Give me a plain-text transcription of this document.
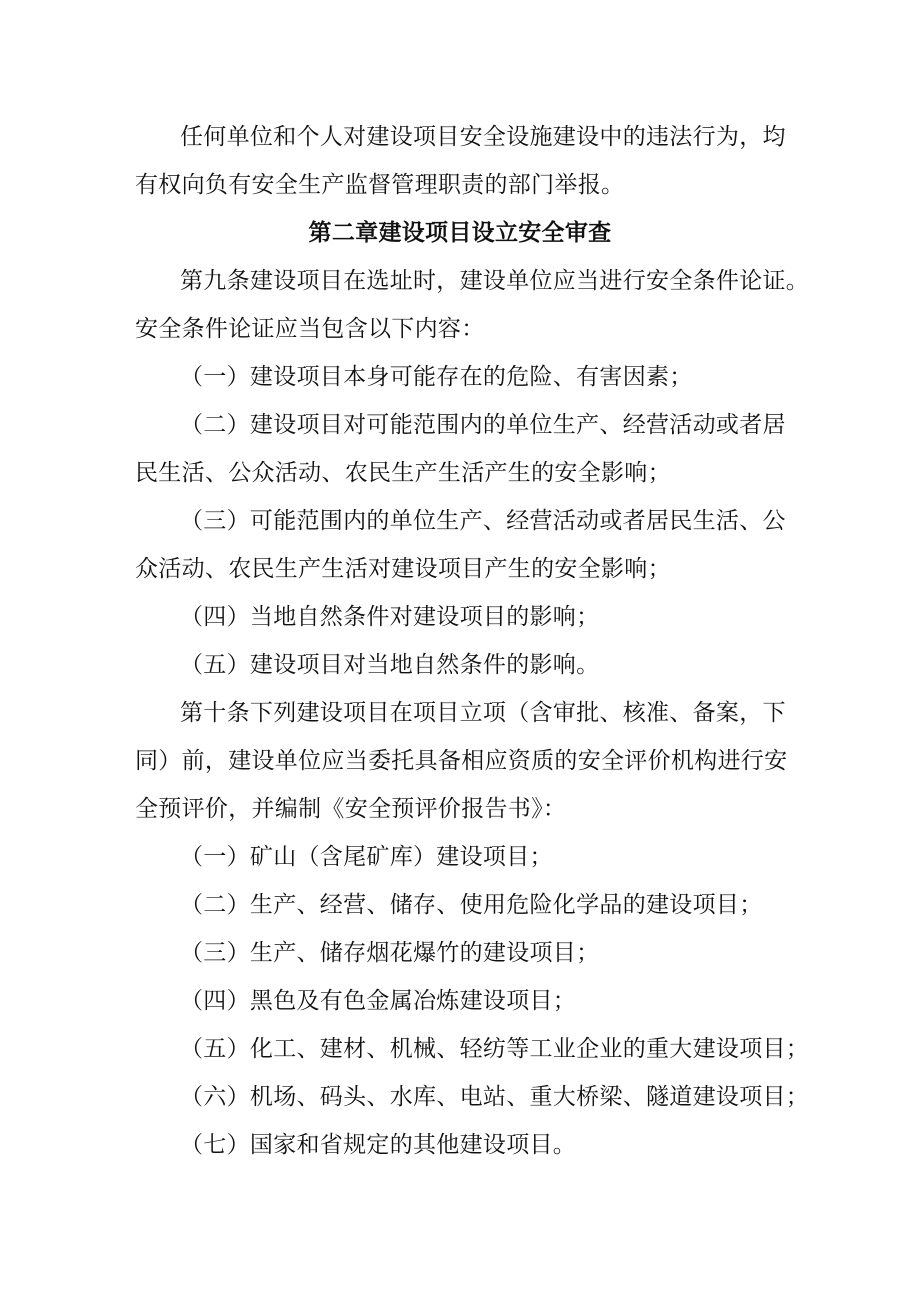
任何单位和个人对建设项目安全设施建设中的违法行为，均
有权向负有安全生产监督管理职责的部门举报。
第二章建设项目设立安全审查
第九条建设项目在选址时，建设单位应当进行安全条件论证。
安全条件论证应当包含以下内容：
（一）建设项目本身可能存在的危险、有害因素；
（二）建设项目对可能范围内的单位生产、经营活动或者居
民生活、公众活动、农民生产生活产生的安全影响；
（三）可能范围内的单位生产、经营活动或者居民生活、公
众活动、农民生产生活对建设项目产生的安全影响；
（四）当地自然条件对建设项目的影响；
（五）建设项目对当地自然条件的影响。
第十条下列建设项目在项目立项（含审批、核准、备案，下
同）前，建设单位应当委托具备相应资质的安全评价机构进行安
全预评价，并编制《安全预评价报告书》：
（一）矿山（含尾矿库）建设项目；
（二）生产、经营、储存、使用危险化学品的建设项目；
（三）生产、储存烟花爆竹的建设项目；
（四）黑色及有色金属冶炼建设项目；
（五）化工、建材、机械、轻纺等工业企业的重大建设项目；
（六）机场、码头、水库、电站、重大桥梁、隧道建设项目；
（七）国家和省规定的其他建设项目。
